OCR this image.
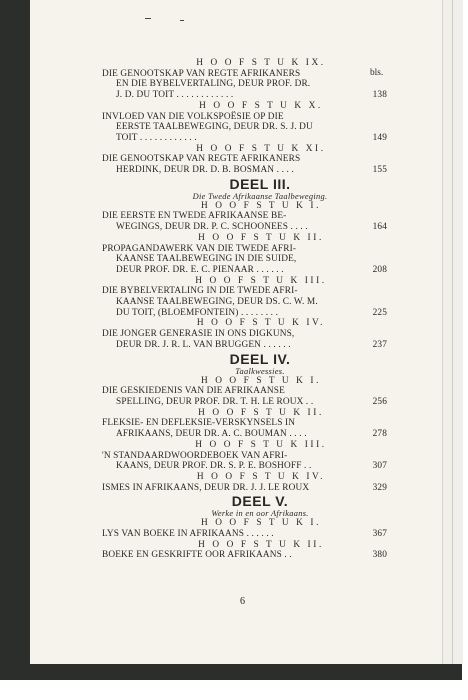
bls.
H O O F S T U K IX.
DIE GENOOTSKAP VAN REGTE AFRIKANERS
EN DIE BYBELVERTALING, DEUR PROF. DR.
J. D. DU TOIT . . . . . . . . . . . .	138
H O O F S T U K X.
INVLOED VAN DIE VOLKSPOËSIE OP DIE
EERSTE TAALBEWEGING, DEUR DR. S. J. DU
TOIT . . . . . . . . . . . .	149
H O O F S T U K XI.
DIE GENOOTSKAP VAN REGTE AFRIKANERS
HERDINK, DEUR DR. D. B. BOSMAN . . . .	155
DEEL III.
Die Twede Afrikaanse Taalbeweging.
H O O F S T U K I.
DIE EERSTE EN TWEDE AFRIKAANSE BE-
WEGINGS, DEUR DR. P. C. SCHOONEES . . . .	164
H O O F S T U K II.
PROPAGANDAWERK VAN DIE TWEDE AFRI-
KAANSE TAALBEWEGING IN DIE SUIDE,
DEUR PROF. DR. E. C. PIENAAR . . . . . .	208
H O O F S T U K III.
DIE BYBELVERTALING IN DIE TWEDE AFRI-
KAANSE TAALBEWEGING, DEUR DS. C. W. M.
DU TOIT, (BLOEMFONTEIN) . . . . . . . .	225
H O O F S T U K IV.
DIE JONGER GENERASIE IN ONS DIGKUNS,
DEUR DR. J. R. L. VAN BRUGGEN . . . . . .	237
DEEL IV.
Taalkwessies.
H O O F S T U K I.
DIE GESKIEDENIS VAN DIE AFRIKAANSE
SPELLING, DEUR PROF. DR. T. H. LE ROUX . .	256
H O O F S T U K II.
FLEKSIE- EN DEFLEKSIE-VERSKYNSELS IN
AFRIKAANS, DEUR DR. A. C. BOUMAN . . . .	278
H O O F S T U K III.
'N STANDAARDWOORDEBOEK VAN AFRI-
KAANS, DEUR PROF. DR. S. P. E. BOSHOFF . .	307
H O O F S T U K IV.
ISMES IN AFRIKAANS, DEUR DR. J. J. LE ROUX	329
DEEL V.
Werke in en oor Afrikaans.
H O O F S T U K I.
LYS VAN BOEKE IN AFRIKAANS . . . . . .	367
H O O F S T U K II.
BOEKE EN GESKRIFTE OOR AFRIKAANS . .	380
6
